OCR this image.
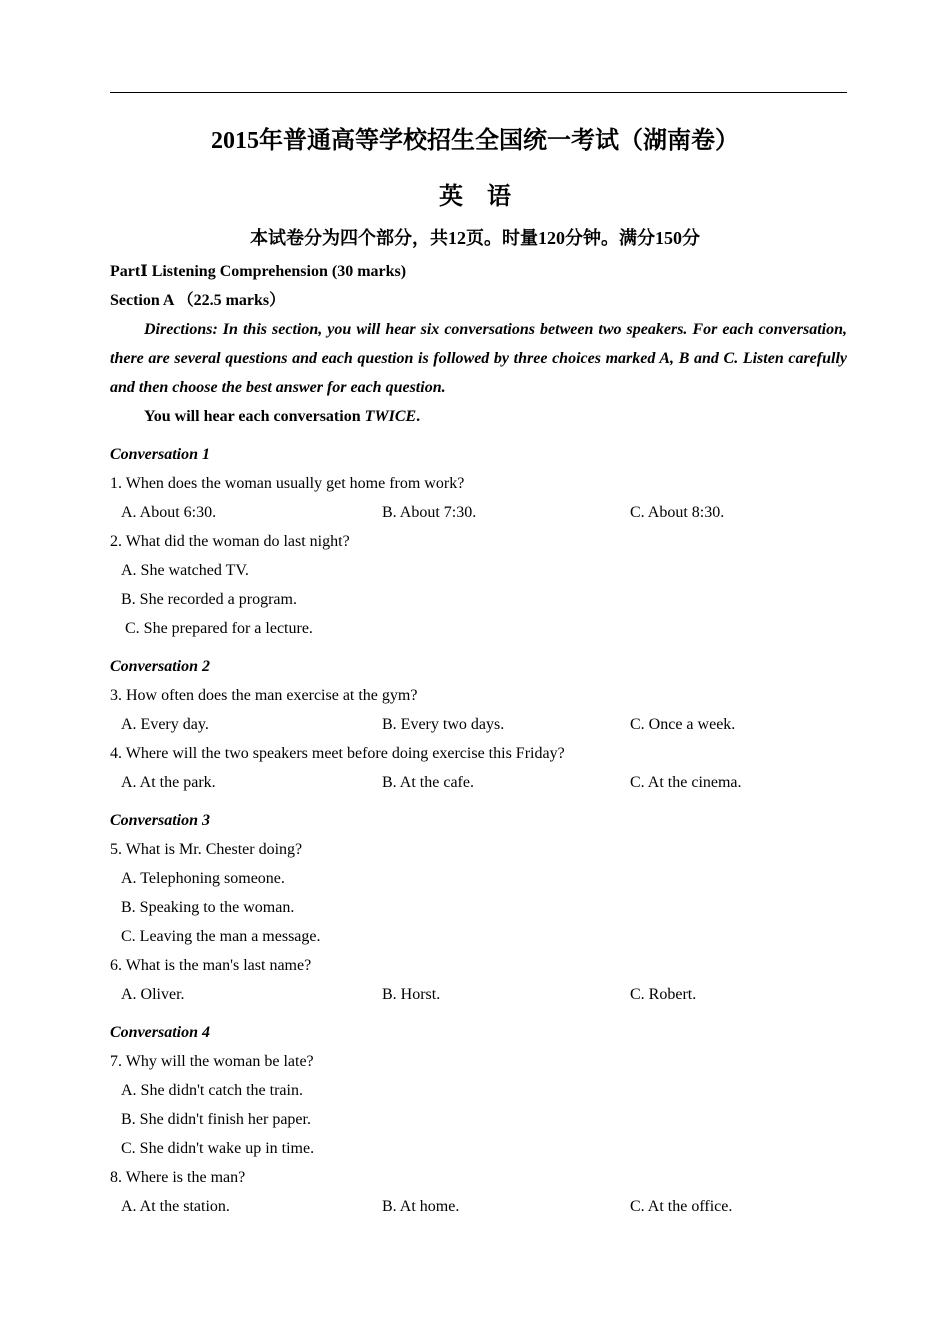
2015年普通高等学校招生全国统一考试（湖南卷）
英语
本试卷分为四个部分，共12页。时量120分钟。满分150分
PartⅠ Listening Comprehension (30 marks)
Section A （22.5 marks）
Directions: In this section, you will hear six conversations between two speakers. For each conversation, there are several questions and each question is followed by three choices marked A, B and C. Listen carefully and then choose the best answer for each question.
You will hear each conversation TWICE.
Conversation 1
1. When does the woman usually get home from work?
A. About 6:30.	B. About 7:30.	C. About 8:30.
2. What did the woman do last night?
A. She watched TV.
B. She recorded a program.
C. She prepared for a lecture.
Conversation 2
3. How often does the man exercise at the gym?
A. Every day.	B. Every two days.	C. Once a week.
4. Where will the two speakers meet before doing exercise this Friday?
A. At the park.	B. At the cafe.	C. At the cinema.
Conversation 3
5. What is Mr. Chester doing?
A. Telephoning someone.
B. Speaking to the woman.
C. Leaving the man a message.
6. What is the man's last name?
A. Oliver.	B. Horst.	C. Robert.
Conversation 4
7. Why will the woman be late?
A. She didn't catch the train.
B. She didn't finish her paper.
C. She didn't wake up in time.
8. Where is the man?
A. At the station.	B. At home.	C. At the office.
